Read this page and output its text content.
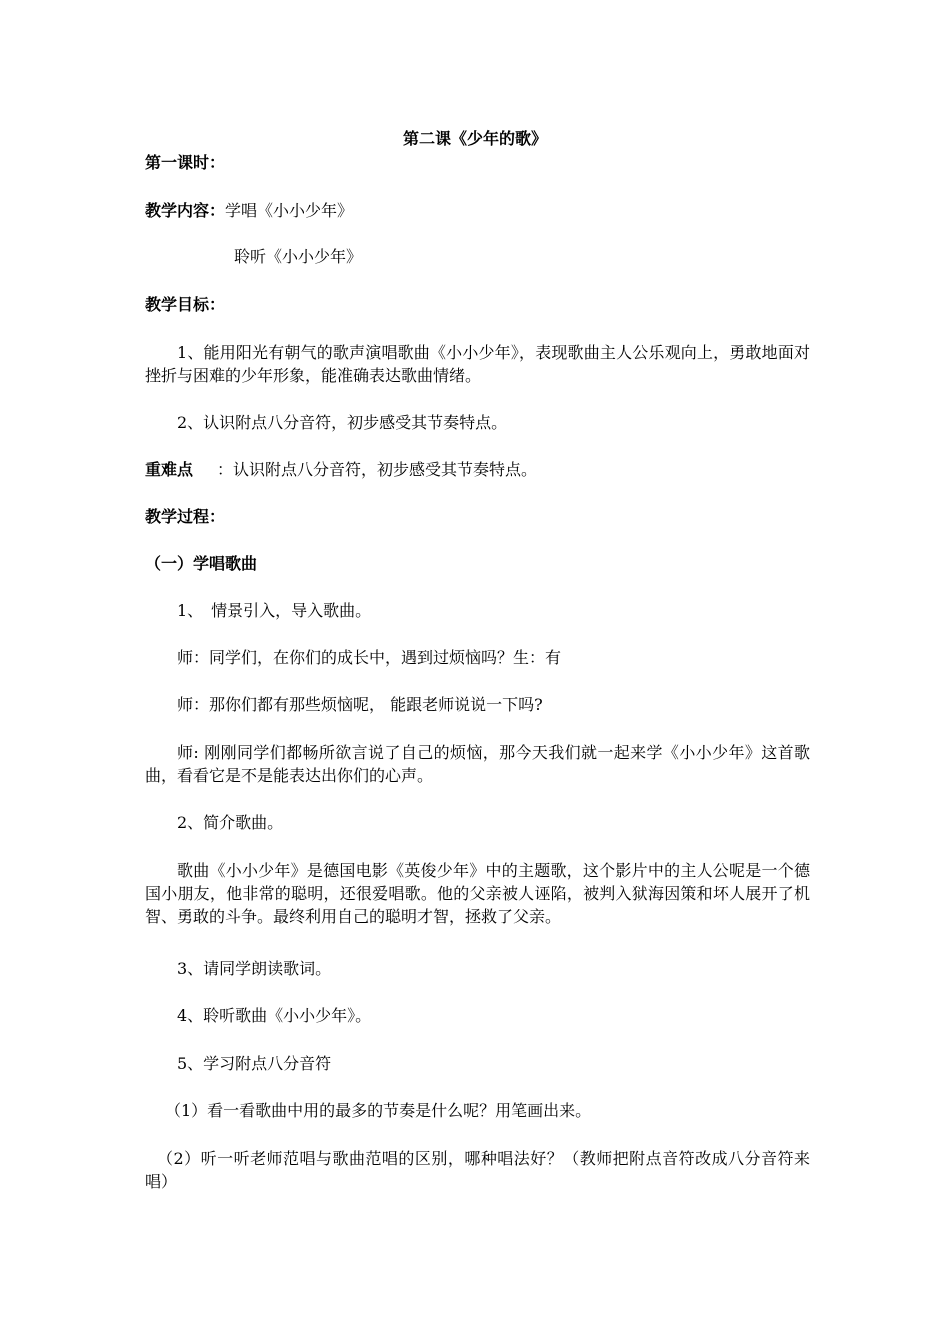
第二课《少年的歌》
第一课时：
教学内容：学唱《小小少年》
聆听《小小少年》
教学目标：
1、能用阳光有朝气的歌声演唱歌曲《小小少年》，表现歌曲主人公乐观向上，勇敢地面对挫折与困难的少年形象，能准确表达歌曲情绪。
2、认识附点八分音符，初步感受其节奏特点。
重难点 ：认识附点八分音符，初步感受其节奏特点。
教学过程：
（一）学唱歌曲
1、　情景引入，导入歌曲。
师：同学们，在你们的成长中，遇到过烦恼吗？生：有
师：那你们都有那些烦恼呢， 能跟老师说说一下吗?
师: 刚刚同学们都畅所欲言说了自己的烦恼，那今天我们就一起来学《小小少年》这首歌曲，看看它是不是能表达出你们的心声。
2、简介歌曲。
歌曲《小小少年》是德国电影《英俊少年》中的主题歌，这个影片中的主人公呢是一个德国小朋友，他非常的聪明，还很爱唱歌。他的父亲被人诬陷，被判入狱海因策和坏人展开了机智、勇敢的斗争。最终利用自己的聪明才智，拯救了父亲。
3、请同学朗读歌词。
4、聆听歌曲《小小少年》。
5、学习附点八分音符
（1）看一看歌曲中用的最多的节奏是什么呢？用笔画出来。
（2）听一听老师范唱与歌曲范唱的区别，哪种唱法好？（教师把附点音符改成八分音符来唱）
